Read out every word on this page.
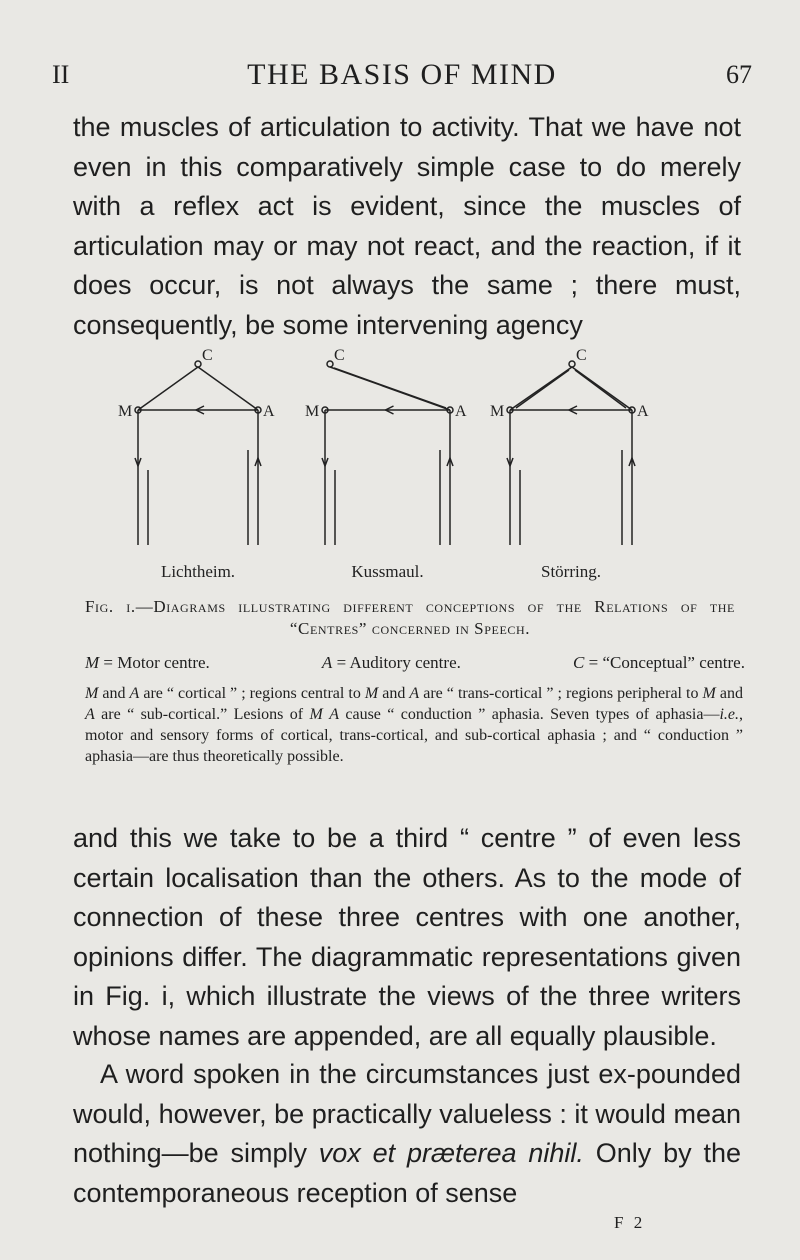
II	THE BASIS OF MIND	67

the muscles of articulation to activity. That we have not even in this comparatively simple case to do merely with a reflex act is evident, since the muscles of articulation may or may not react, and the reaction, if it does occur, is not always the same ; there must, consequently, be some intervening agency

M	A
C
Lichtheim.
M	A
C
Kussmaul.
M	A
C
Störring.
Fig. i.—Diagrams illustrating different conceptions of the Relations of the “Centres” concerned in Speech.
M = Motor centre.	A = Auditory centre.	C = “Conceptual” centre.
M and A are “ cortical ” ; regions central to M and A are “ trans-cortical ” ; regions peripheral to M and A are “ sub-cortical.” Lesions of M A cause “ conduction ” aphasia. Seven types of aphasia—i.e., motor and sensory forms of cortical, trans-cortical, and sub-cortical aphasia ; and “ conduction ” aphasia—are thus theoretically possible.

and this we take to be a third “ centre ” of even less certain localisation than the others. As to the mode of connection of these three centres with one another, opinions differ. The diagrammatic representations given in Fig. i, which illustrate the views of the three writers whose names are appended, are all equally plausible.

A word spoken in the circumstances just ex-pounded would, however, be practically valueless : it would mean nothing—be simply vox et præterea nihil. Only by the contemporaneous reception of sense

F 2
